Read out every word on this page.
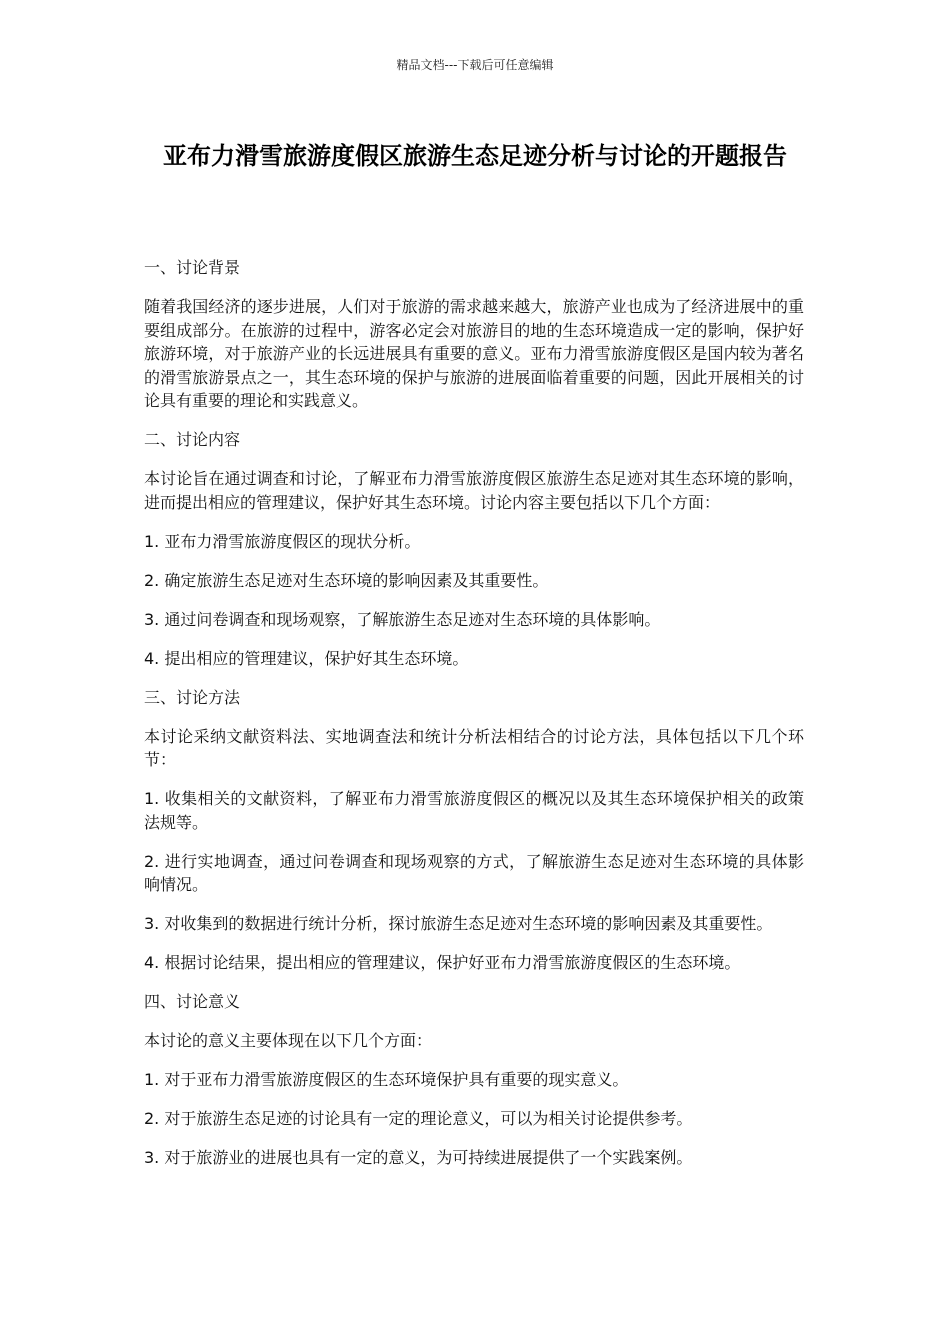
精品文档---下载后可任意编辑
亚布力滑雪旅游度假区旅游生态足迹分析与讨论的开题报告
一、讨论背景

随着我国经济的逐步进展，人们对于旅游的需求越来越大，旅游产业也成为了经济进展中的重要组成部分。在旅游的过程中，游客必定会对旅游目的地的生态环境造成一定的影响，保护好旅游环境，对于旅游产业的长远进展具有重要的意义。亚布力滑雪旅游度假区是国内较为著名的滑雪旅游景点之一，其生态环境的保护与旅游的进展面临着重要的问题，因此开展相关的讨论具有重要的理论和实践意义。

二、讨论内容

本讨论旨在通过调查和讨论，了解亚布力滑雪旅游度假区旅游生态足迹对其生态环境的影响，进而提出相应的管理建议，保护好其生态环境。讨论内容主要包括以下几个方面：

1. 亚布力滑雪旅游度假区的现状分析。

2. 确定旅游生态足迹对生态环境的影响因素及其重要性。

3. 通过问卷调查和现场观察，了解旅游生态足迹对生态环境的具体影响。

4. 提出相应的管理建议，保护好其生态环境。

三、讨论方法

本讨论采纳文献资料法、实地调查法和统计分析法相结合的讨论方法，具体包括以下几个环节：

1. 收集相关的文献资料，了解亚布力滑雪旅游度假区的概况以及其生态环境保护相关的政策法规等。

2. 进行实地调查，通过问卷调查和现场观察的方式，了解旅游生态足迹对生态环境的具体影响情况。

3. 对收集到的数据进行统计分析，探讨旅游生态足迹对生态环境的影响因素及其重要性。

4. 根据讨论结果，提出相应的管理建议，保护好亚布力滑雪旅游度假区的生态环境。

四、讨论意义

本讨论的意义主要体现在以下几个方面：

1. 对于亚布力滑雪旅游度假区的生态环境保护具有重要的现实意义。

2. 对于旅游生态足迹的讨论具有一定的理论意义，可以为相关讨论提供参考。

3. 对于旅游业的进展也具有一定的意义，为可持续进展提供了一个实践案例。
